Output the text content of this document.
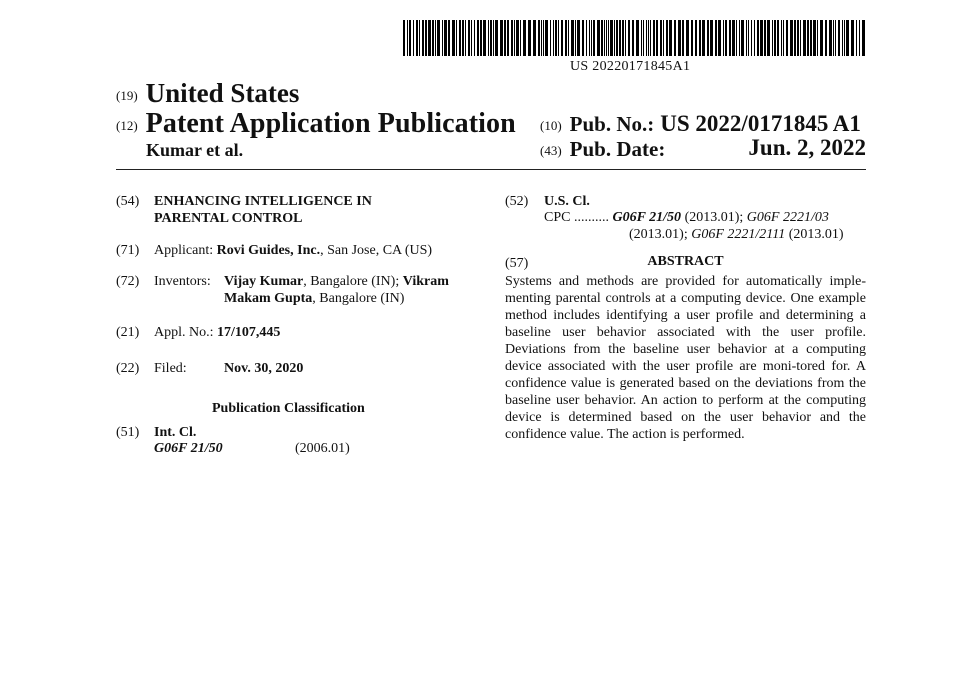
US 20220171845A1
(19) United States
(12) Patent Application Publication
Kumar et al.
(10) Pub. No.: US 2022/0171845 A1
(43) Pub. Date:	Jun. 2, 2022
(54) ENHANCING INTELLIGENCE IN
PARENTAL CONTROL
(71) Applicant: Rovi Guides, Inc., San Jose, CA (US)
(72) Inventors: Vijay Kumar, Bangalore (IN); Vikram
Makam Gupta, Bangalore (IN)
(21) Appl. No.: 17/107,445
(22) Filed:	Nov. 30, 2020
Publication Classification
(51) Int. Cl.
G06F 21/50	(2006.01)
(52) U.S. Cl.
CPC .......... G06F 21/50 (2013.01); G06F 2221/03
(2013.01); G06F 2221/2111 (2013.01)
(57)	ABSTRACT
Systems and methods are provided for automatically imple-menting parental controls at a computing device. One example method includes identifying a user profile and determining a baseline user behavior associated with the user profile. Deviations from the baseline user behavior at a computing device associated with the user profile are moni-tored for. A confidence value is generated based on the deviations from the baseline user behavior. An action to perform at the computing device is determined based on the user behavior and the confidence value. The action is performed.
